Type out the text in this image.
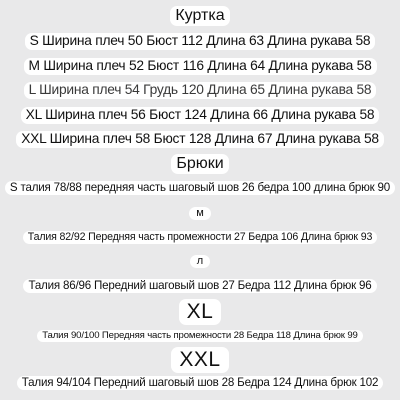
Куртка
S Ширина плеч 50 Бюст 112 Длина 63 Длина рукава 58
M Ширина плеч 52 Бюст 116 Длина 64 Длина рукава 58
L Ширина плеч 54 Грудь 120 Длина 65 Длина рукава 58
XL Ширина плеч 56 Бюст 124 Длина 66 Длина рукава 58
XXL Ширина плеч 58 Бюст 128 Длина 67 Длина рукава 58
Брюки
S талия 78/88 передняя часть шаговый шов 26 бедра 100 длина брюк 90
м
Талия 82/92 Передняя часть промежности 27 Бедра 106 Длина брюк 93
л
Талия 86/96 Передний шаговый шов 27 Бедра 112 Длина брюк 96
XL
Талия 90/100 Передняя часть промежности 28 Бедра 118 Длина брюк 99
XXL
Талия 94/104 Передний шаговый шов 28 Бедра 124 Длина брюк 102
